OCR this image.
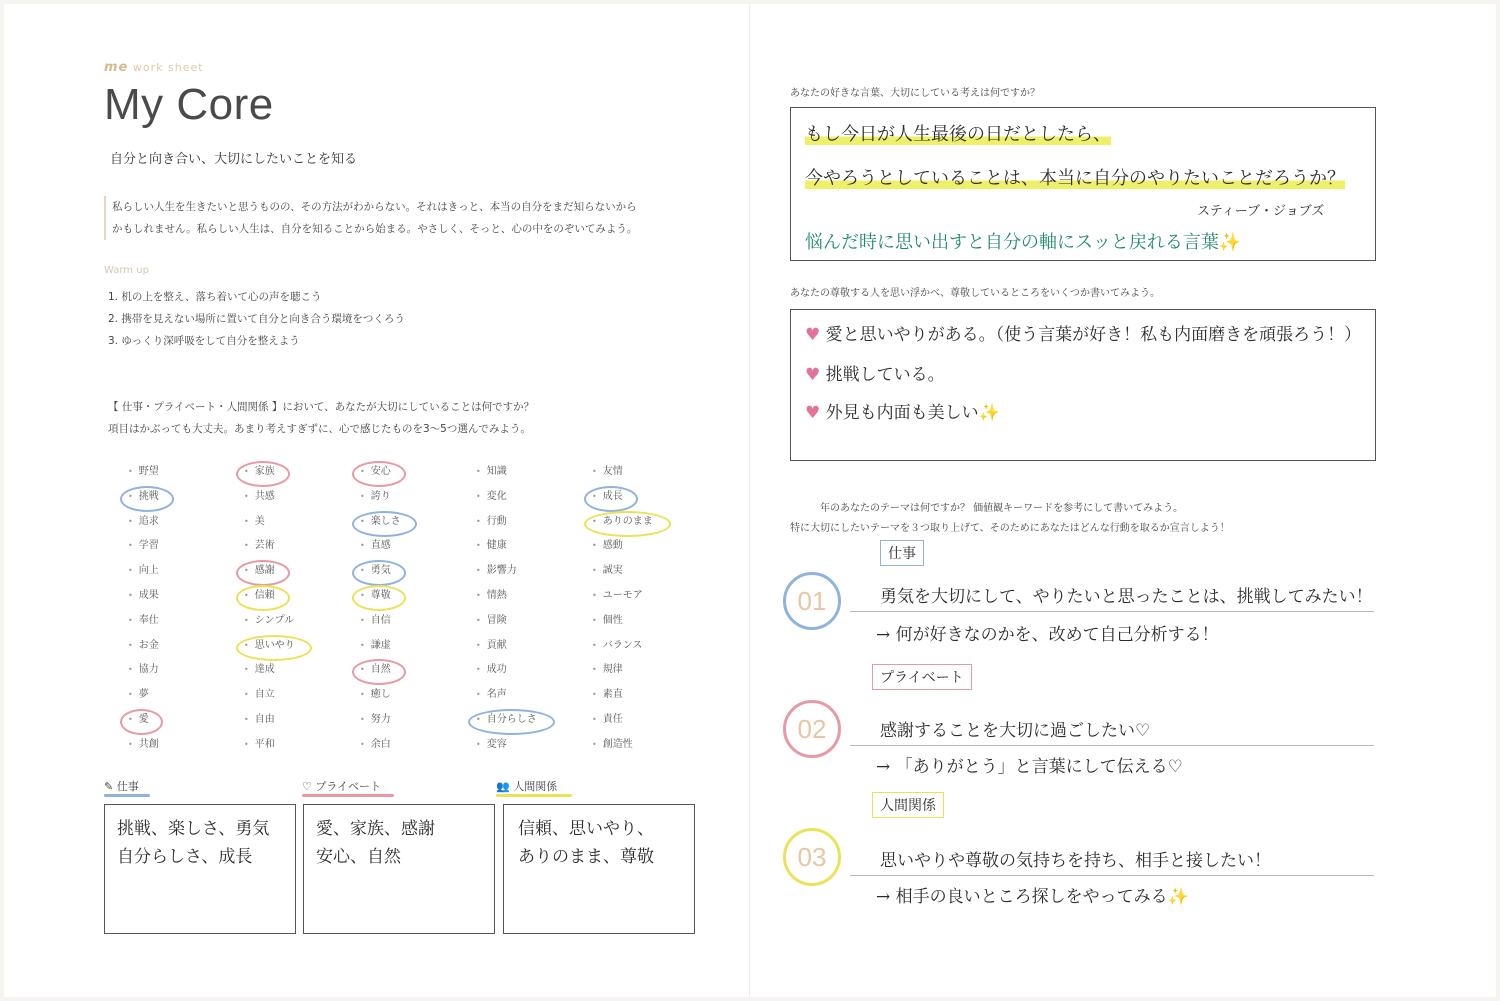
me work sheet
My Core
自分と向き合い、大切にしたいことを知る
私らしい人生を生きたいと思うものの、その方法がわからない。それはきっと、本当の自分をまだ知らないから
かもしれません。私らしい人生は、自分を知ることから始まる。やさしく、そっと、心の中をのぞいてみよう。
Warm up
1. 机の上を整え、落ち着いて心の声を聴こう
2. 携帯を見えない場所に置いて自分と向き合う環境をつくろう
3. ゆっくり深呼吸をして自分を整えよう
【 仕事・プライベート・人間関係 】において、あなたが大切にしていることは何ですか？
項目はかぶっても大丈夫。あまり考えすぎずに、心で感じたものを3〜5つ選んでみよう。
• 野望	• 家族	• 安心	• 知識	• 友情
• 挑戦	• 共感	• 誇り	• 変化	• 成長
• 追求	• 美	• 楽しさ	• 行動	• ありのまま
• 学習	• 芸術	• 直感	• 健康	• 感動
• 向上	• 感謝	• 勇気	• 影響力	• 誠実
• 成果	• 信頼	• 尊敬	• 情熱	• ユーモア
• 奉仕	• シンプル	• 自信	• 冒険	• 個性
• お金	• 思いやり	• 謙虚	• 貢献	• バランス
• 協力	• 達成	• 自然	• 成功	• 規律
• 夢	• 自立	• 癒し	• 名声	• 素直
• 愛	• 自由	• 努力	• 自分らしさ	• 責任
• 共創	• 平和	• 余白	• 変容	• 創造性
✎ 仕事	♡ プライベート	👥 人間関係
挑戦、楽しさ、勇気
自分らしさ、成長
愛、家族、感謝
安心、自然
信頼、思いやり、
ありのまま、尊敬
あなたの好きな言葉、大切にしている考えは何ですか？
もし今日が人生最後の日だとしたら、
今やろうとしていることは、本当に自分のやりたいことだろうか？
スティーブ・ジョブズ
悩んだ時に思い出すと自分の軸にスッと戻れる言葉✨
あなたの尊敬する人を思い浮かべ、尊敬しているところをいくつか書いてみよう。
♥ 愛と思いやりがある。（使う言葉が好き！私も内面磨きを頑張ろう！）
♥ 挑戦している。
♥ 外見も内面も美しい✨
年のあなたのテーマは何ですか？ 価値観キーワードを参考にして書いてみよう。
特に大切にしたいテーマを３つ取り上げて、そのためにあなたはどんな行動を取るか宣言しよう！
01
仕事
勇気を大切にして、やりたいと思ったことは、挑戦してみたい！
→ 何が好きなのかを、改めて自己分析する！
02
プライベート
感謝することを大切に過ごしたい♡
→ 「ありがとう」と言葉にして伝える♡
03
人間関係
思いやりや尊敬の気持ちを持ち、相手と接したい！
→ 相手の良いところ探しをやってみる✨
